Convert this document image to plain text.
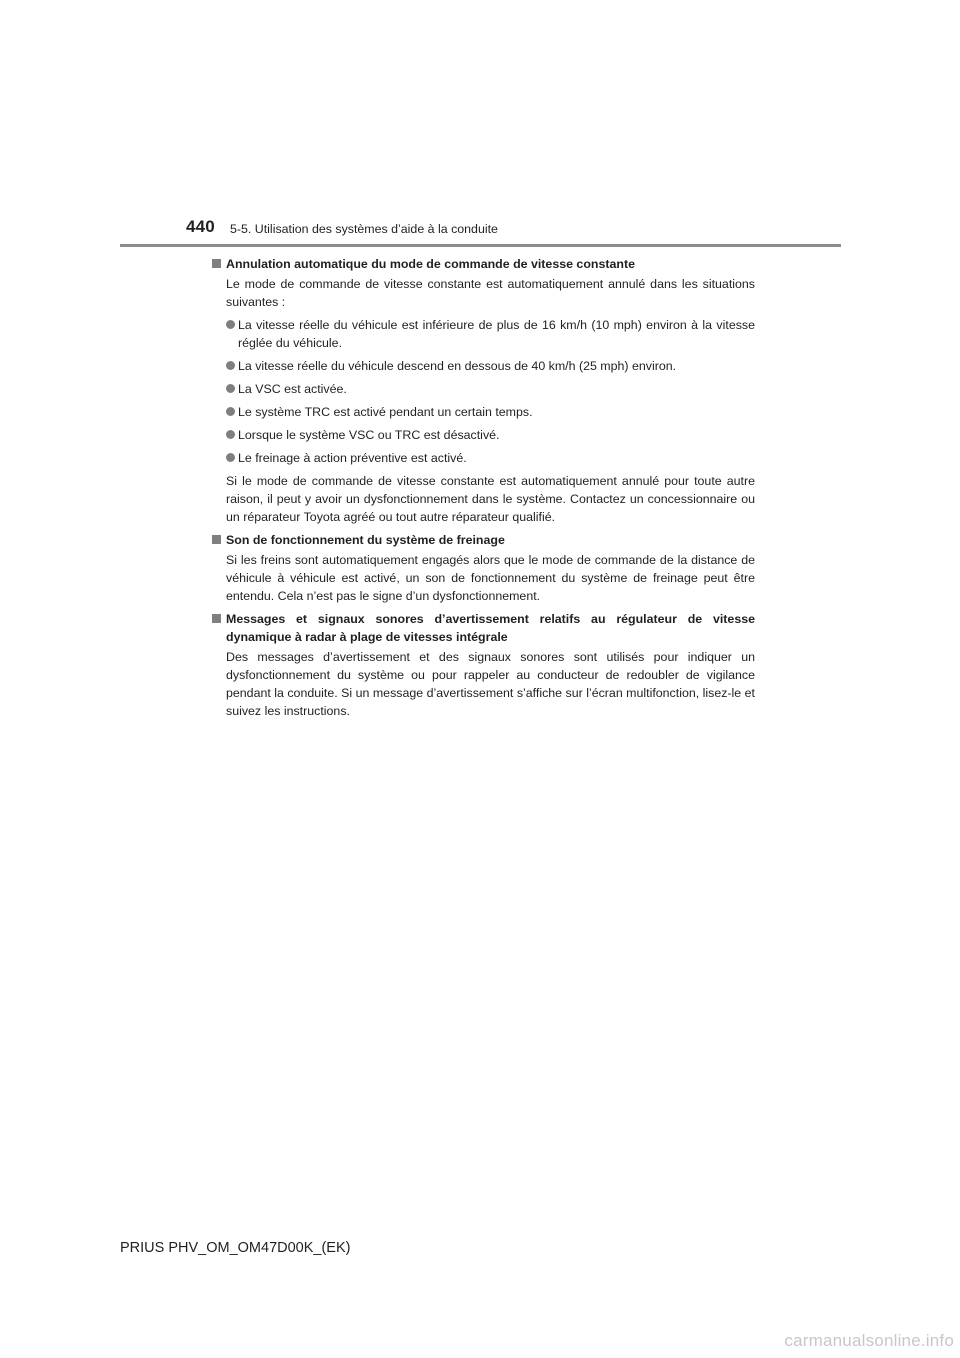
440 5-5. Utilisation des systèmes d’aide à la conduite
Annulation automatique du mode de commande de vitesse constante

Le mode de commande de vitesse constante est automatiquement annulé dans les situations suivantes :

La vitesse réelle du véhicule est inférieure de plus de 16 km/h (10 mph) environ à la vitesse réglée du véhicule.
La vitesse réelle du véhicule descend en dessous de 40 km/h (25 mph) environ.
La VSC est activée.
Le système TRC est activé pendant un certain temps.
Lorsque le système VSC ou TRC est désactivé.
Le freinage à action préventive est activé.

Si le mode de commande de vitesse constante est automatiquement annulé pour toute autre raison, il peut y avoir un dysfonctionnement dans le système. Contactez un concessionnaire ou un réparateur Toyota agréé ou tout autre réparateur qualifié.

Son de fonctionnement du système de freinage

Si les freins sont automatiquement engagés alors que le mode de commande de la distance de véhicule à véhicule est activé, un son de fonctionnement du système de freinage peut être entendu. Cela n’est pas le signe d’un dysfonctionnement.

Messages et signaux sonores d’avertissement relatifs au régulateur de vitesse dynamique à radar à plage de vitesses intégrale

Des messages d’avertissement et des signaux sonores sont utilisés pour indiquer un dysfonctionnement du système ou pour rappeler au conducteur de redoubler de vigilance pendant la conduite. Si un message d’avertissement s’affiche sur l’écran multifonction, lisez-le et suivez les instructions.

PRIUS PHV_OM_OM47D00K_(EK)
carmanualsonline.info
